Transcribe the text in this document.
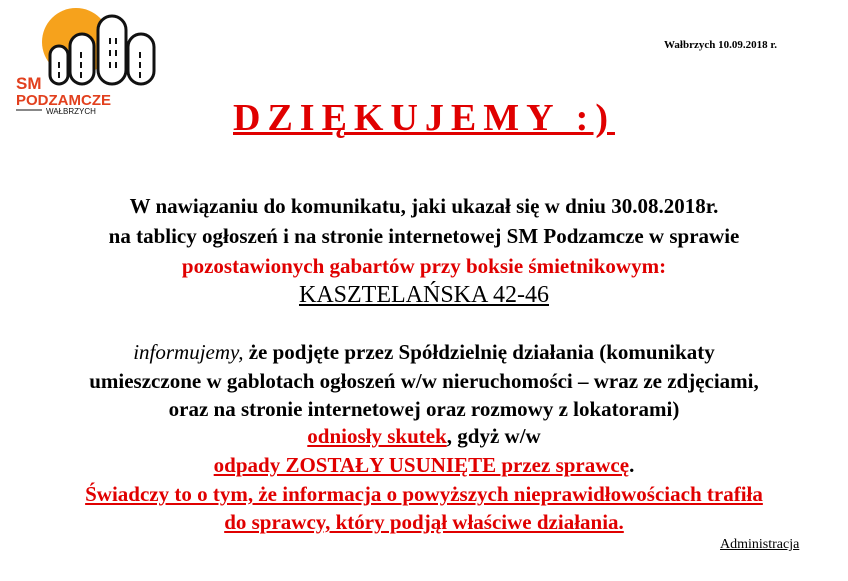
SM
PODZAMCZE
WAŁBRZYCH
Wałbrzych 10.09.2018 r.
DZIĘKUJEMY :)
W nawiązaniu do komunikatu, jaki ukazał się w dniu 30.08.2018r.
na tablicy ogłoszeń i na stronie internetowej SM Podzamcze w sprawie
pozostawionych gabartów przy boksie śmietnikowym:
KASZTELAŃSKA 42-46
informujemy, że podjęte przez Spółdzielnię działania (komunikaty
umieszczone w gablotach ogłoszeń w/w nieruchomości – wraz ze zdjęciami,
oraz na stronie internetowej oraz rozmowy z lokatorami)
odniosły skutek, gdyż w/w
odpady ZOSTAŁY USUNIĘTE przez sprawcę.
Świadczy to o tym, że informacja o powyższych nieprawidłowościach trafiła
do sprawcy, który podjął właściwe działania.
Administracja
